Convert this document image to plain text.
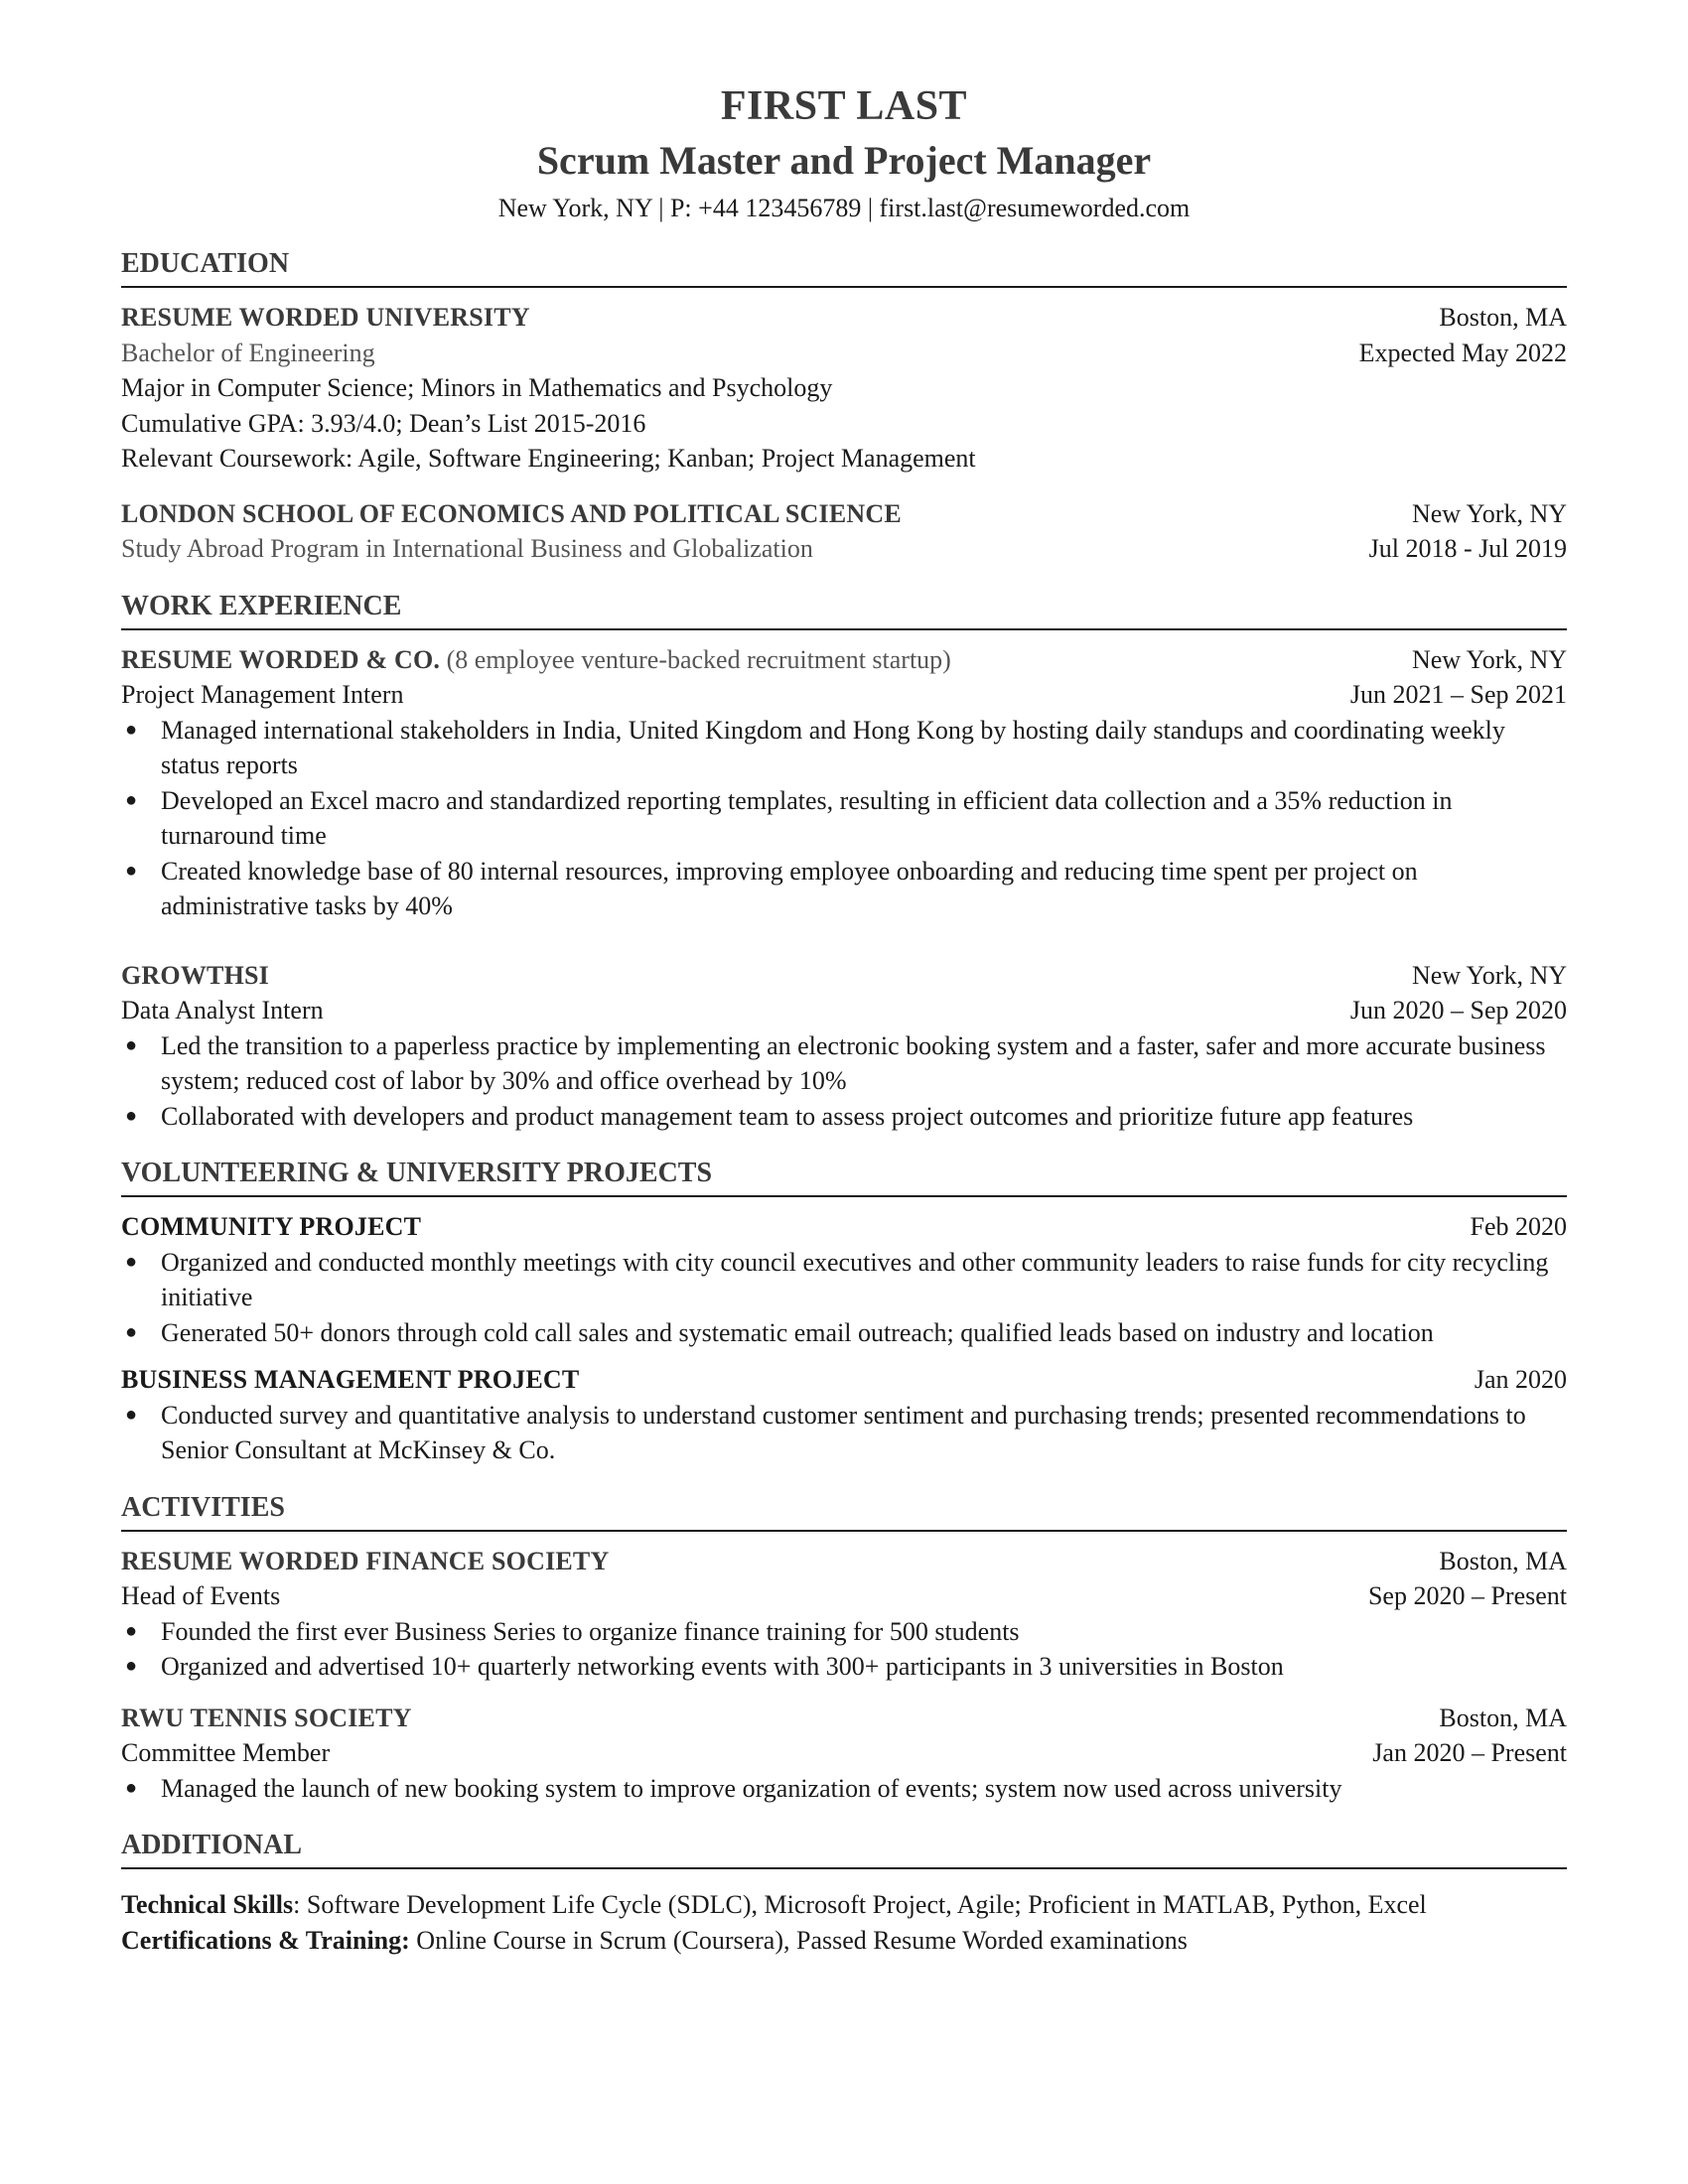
FIRST LAST
Scrum Master and Project Manager
New York, NY | P: +44 123456789 | first.last@resumeworded.com
EDUCATION
RESUME WORDED UNIVERSITY	Boston, MA
Bachelor of Engineering	Expected May 2022
Major in Computer Science; Minors in Mathematics and Psychology
Cumulative GPA: 3.93/4.0; Dean’s List 2015-2016
Relevant Coursework: Agile, Software Engineering; Kanban; Project Management
LONDON SCHOOL OF ECONOMICS AND POLITICAL SCIENCE	New York, NY
Study Abroad Program in International Business and Globalization	Jul 2018 - Jul 2019
WORK EXPERIENCE
RESUME WORDED & CO. (8 employee venture-backed recruitment startup)	New York, NY
Project Management Intern	Jun 2021 – Sep 2021
● Managed international stakeholders in India, United Kingdom and Hong Kong by hosting daily standups and coordinating weekly status reports
● Developed an Excel macro and standardized reporting templates, resulting in efficient data collection and a 35% reduction in turnaround time
● Created knowledge base of 80 internal resources, improving employee onboarding and reducing time spent per project on administrative tasks by 40%
GROWTHSI	New York, NY
Data Analyst Intern	Jun 2020 – Sep 2020
● Led the transition to a paperless practice by implementing an electronic booking system and a faster, safer and more accurate business system; reduced cost of labor by 30% and office overhead by 10%
● Collaborated with developers and product management team to assess project outcomes and prioritize future app features
VOLUNTEERING & UNIVERSITY PROJECTS
COMMUNITY PROJECT	Feb 2020
● Organized and conducted monthly meetings with city council executives and other community leaders to raise funds for city recycling initiative
● Generated 50+ donors through cold call sales and systematic email outreach; qualified leads based on industry and location
BUSINESS MANAGEMENT PROJECT	Jan 2020
● Conducted survey and quantitative analysis to understand customer sentiment and purchasing trends; presented recommendations to Senior Consultant at McKinsey & Co.
ACTIVITIES
RESUME WORDED FINANCE SOCIETY	Boston, MA
Head of Events	Sep 2020 – Present
● Founded the first ever Business Series to organize finance training for 500 students
● Organized and advertised 10+ quarterly networking events with 300+ participants in 3 universities in Boston
RWU TENNIS SOCIETY	Boston, MA
Committee Member	Jan 2020 – Present
● Managed the launch of new booking system to improve organization of events; system now used across university
ADDITIONAL
Technical Skills: Software Development Life Cycle (SDLC), Microsoft Project, Agile; Proficient in MATLAB, Python, Excel
Certifications & Training: Online Course in Scrum (Coursera), Passed Resume Worded examinations
